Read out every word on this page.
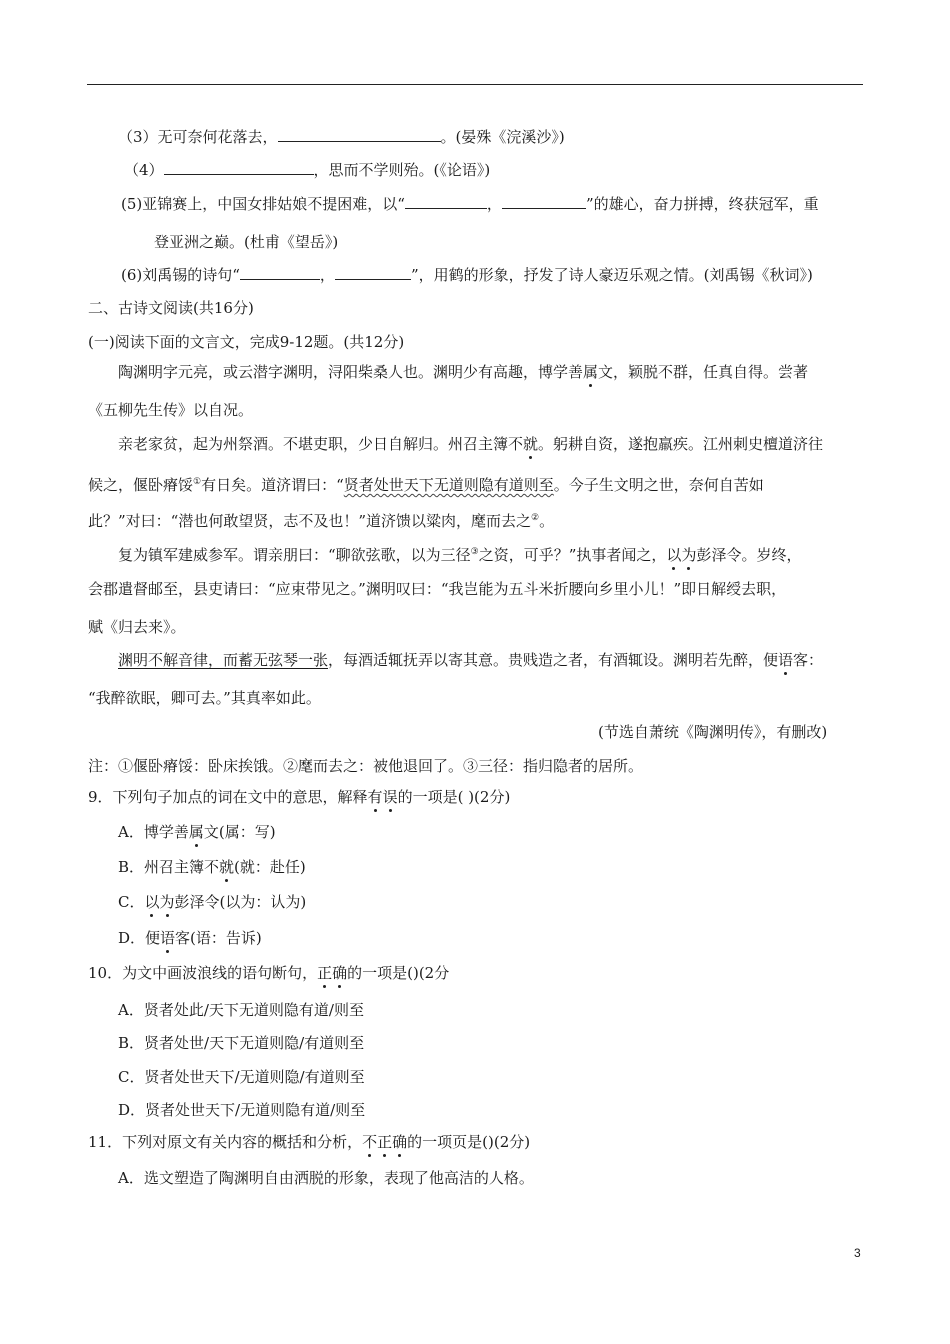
（3）无可奈何花落去，	。(晏殊《浣溪沙》)
（4）	，思而不学则殆。(《论语》)
(5)亚锦赛上，中国女排姑娘不提困难，以“	，	”的雄心，奋力拼搏，终获冠军，重
登亚洲之巅。(杜甫《望岳》)
(6)刘禹锡的诗句“	，	”，用鹤的形象，抒发了诗人豪迈乐观之情。(刘禹锡《秋词》)
二、古诗文阅读(共16分)
(一)阅读下面的文言文，完成9-12题。(共12分)
陶渊明字元亮，或云潜字渊明，浔阳柴桑人也。渊明少有高趣，博学善属文，颖脱不群，任真自得。尝著
《五柳先生传》以自况。
亲老家贫，起为州祭酒。不堪吏职，少日自解归。州召主簿不就。躬耕自资，遂抱羸疾。江州刺史檀道济往
候之，偃卧瘠馁①有日矣。道济谓曰：“贤者处世天下无道则隐有道则至。今子生文明之世，奈何自苦如
此？”对曰：“潜也何敢望贤，志不及也！”道济馈以粱肉，麾而去之②。
复为镇军建威参军。谓亲朋曰：“聊欲弦歌，以为三径③之资，可乎？”执事者闻之，以为彭泽令。岁终，
会郡遣督邮至，县吏请曰：“应束带见之。”渊明叹曰：“我岂能为五斗米折腰向乡里小儿！”即日解绶去职，
赋《归去来》。
渊明不解音律，而蓄无弦琴一张，每酒适辄抚弄以寄其意。贵贱造之者，有酒辄设。渊明若先醉，便语客：
“我醉欲眠，卿可去。”其真率如此。
(节选自萧统《陶渊明传》，有删改)
注：①偃卧瘠馁：卧床挨饿。②麾而去之：被他退回了。③三径：指归隐者的居所。
9．下列句子加点的词在文中的意思，解释有误的一项是( )(2分)
A．博学善属文(属：写)
B．州召主簿不就(就：赴任)
C．以为彭泽令(以为：认为)
D．便语客(语：告诉)
10．为文中画波浪线的语句断句，正确的一项是()(2分
A．贤者处此/天下无道则隐有道/则至
B．贤者处世/天下无道则隐/有道则至
C．贤者处世天下/无道则隐/有道则至
D．贤者处世天下/无道则隐有道/则至
11．下列对原文有关内容的概括和分析，不正确的一项页是()(2分)
A．选文塑造了陶渊明自由洒脱的形象，表现了他高洁的人格。
3
